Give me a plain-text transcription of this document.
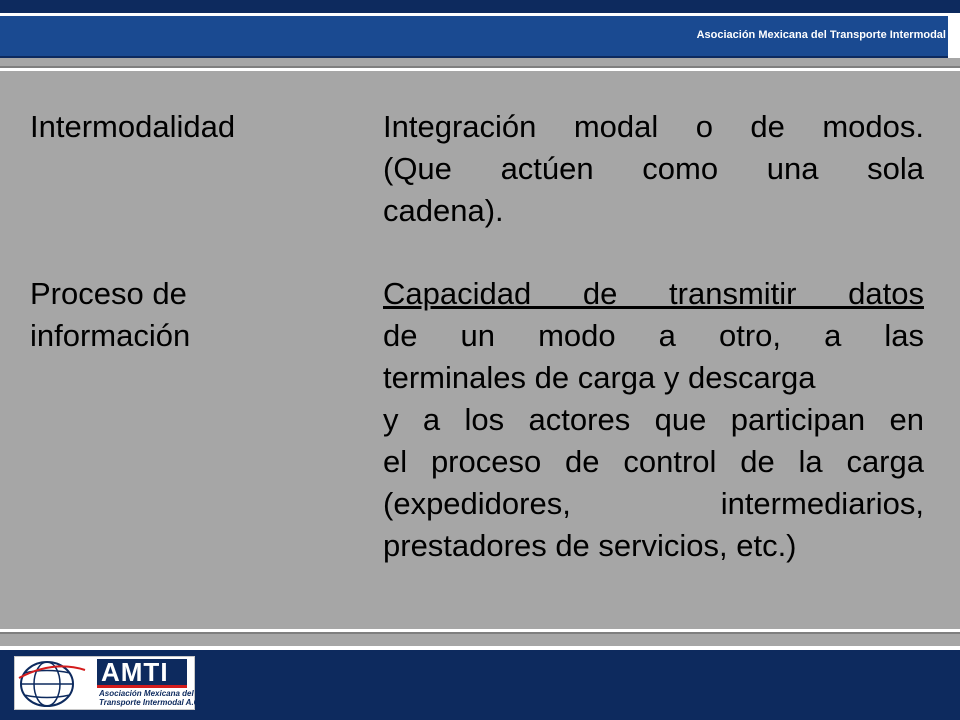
Asociación Mexicana del Transporte Intermodal
Intermodalidad	Integración modal o de modos.
(Que actúen como una sola
cadena).
Proceso de
información
Capacidad de transmitir datos
de un modo a otro, a las
terminales de carga y descarga
y a los actores que participan en
el proceso de control de la carga
(expedidores, intermediarios,
prestadores de servicios, etc.)
AMTI
Asociación Mexicana del
Transporte Intermodal A.C.
